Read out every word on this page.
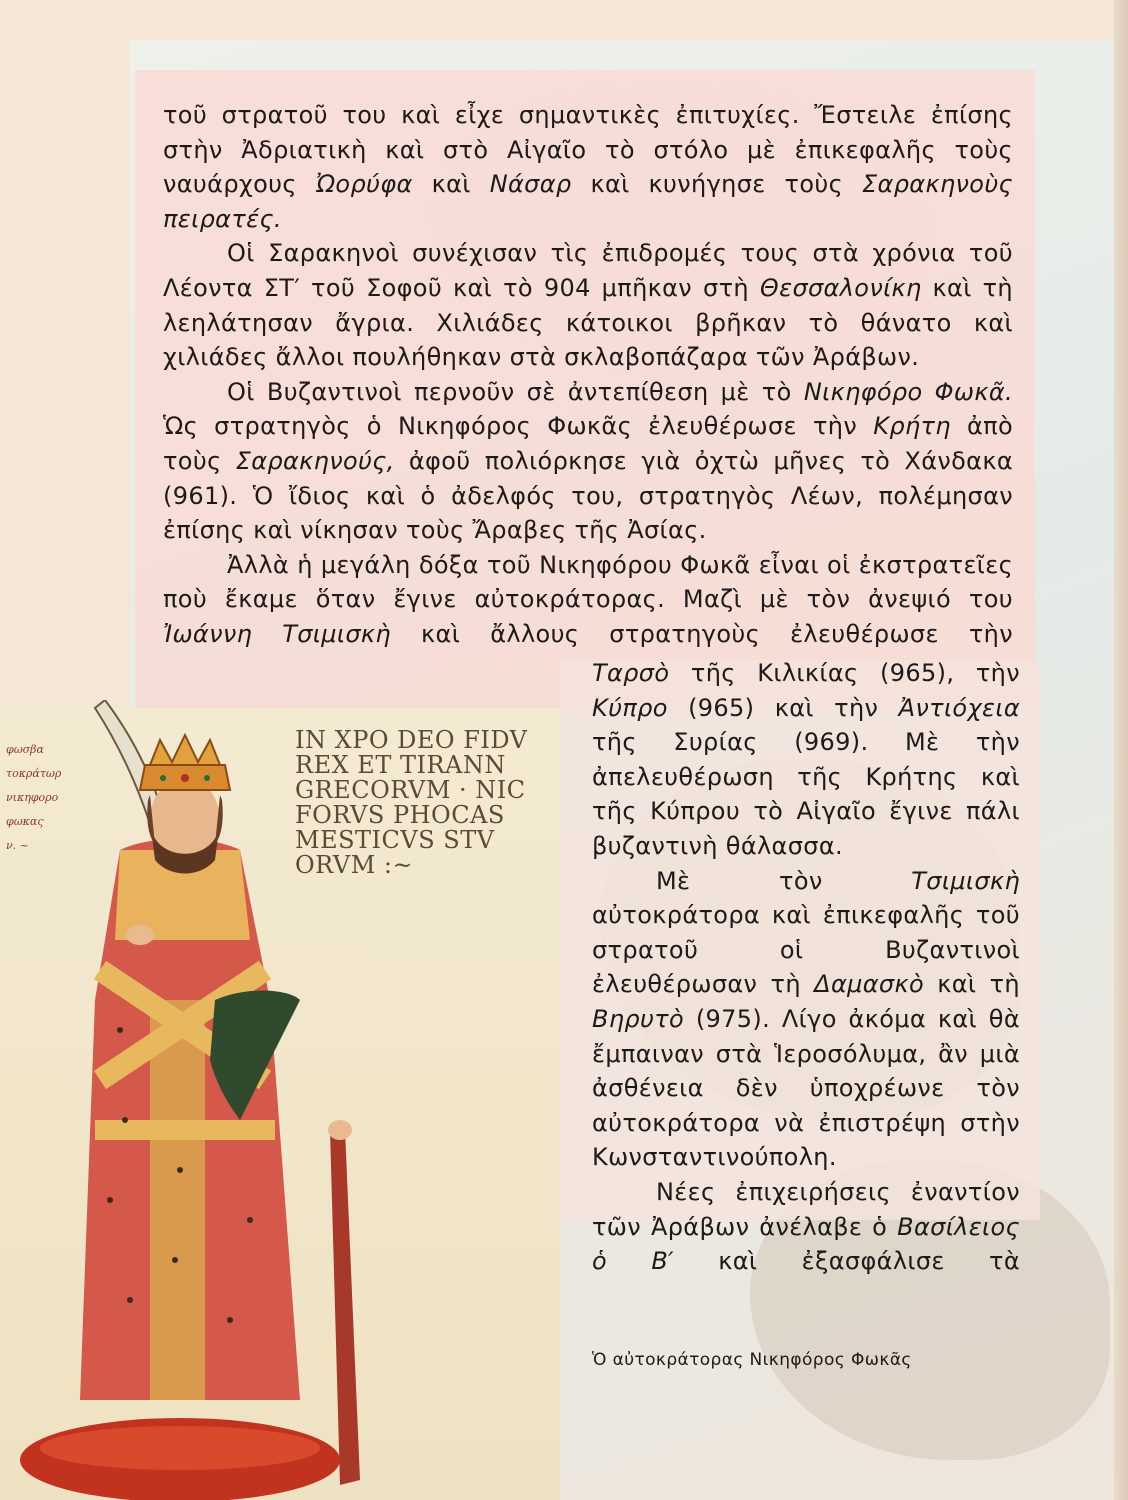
IN XPO DEO FIDV
REX ET TIRANN
GRECORVM · NIC
FORVS PHOCAS
MESTICVS STV
ORVM :~

φωσβα
τοκράτωρ
νικηφορο
φωκας
ν. ~

τοῦ στρατοῦ του καὶ εἶχε σημαντικὲς ἐπιτυχίες. Ἔστειλε ἐπίσης στὴν Ἀδριατικὴ καὶ στὸ Αἰγαῖο τὸ στόλο μὲ ἐπικεφαλῆς τοὺς ναυάρχους Ὠορύφα καὶ Νάσαρ καὶ κυνήγησε τοὺς Σαρακηνοὺς πειρατές.

Οἱ Σαρακηνοὶ συνέχισαν τὶς ἐπιδρομές τους στὰ χρόνια τοῦ Λέοντα ΣΤ′ τοῦ Σοφοῦ καὶ τὸ 904 μπῆκαν στὴ Θεσσαλονίκη καὶ τὴ λεηλάτησαν ἄγρια. Χιλιάδες κάτοικοι βρῆκαν τὸ θάνατο καὶ χιλιάδες ἄλλοι πουλήθηκαν στὰ σκλαβοπάζαρα τῶν Ἀράβων.

Οἱ Βυζαντινοὶ περνοῦν σὲ ἀντεπίθεση μὲ τὸ Νικηφόρο Φωκᾶ. Ὡς στρατηγὸς ὁ Νικηφόρος Φωκᾶς ἐλευθέρωσε τὴν Κρήτη ἀπὸ τοὺς Σαρακηνούς, ἀφοῦ πολιόρκησε γιὰ ὀχτὼ μῆνες τὸ Χάνδακα (961). Ὁ ἴδιος καὶ ὁ ἀδελφός του, στρατηγὸς Λέων, πολέμησαν ἐπίσης καὶ νίκησαν τοὺς Ἄραβες τῆς Ἀσίας.

Ἀλλὰ ἡ μεγάλη δόξα τοῦ Νικηφόρου Φωκᾶ εἶναι οἱ ἐκστρατεῖες ποὺ ἔκαμε ὅταν ἔγινε αὐτοκράτορας. Μαζὶ μὲ τὸν ἀνεψιό του Ἰωάννη Τσιμισκὴ καὶ ἄλλους στρατηγοὺς ἐλευθέρωσε τὴν

Ταρσὸ τῆς Κιλικίας (965), τὴν Κύπρο (965) καὶ τὴν Ἀντιόχεια τῆς Συρίας (969). Μὲ τὴν ἀπελευθέρωση τῆς Κρήτης καὶ τῆς Κύπρου τὸ Αἰγαῖο ἔγινε πάλι βυζαντινὴ θάλασσα.

Μὲ τὸν Τσιμισκὴ αὐτοκράτορα καὶ ἐπικεφαλῆς τοῦ στρατοῦ οἱ Βυζαντινοὶ ἐλευθέρωσαν τὴ Δαμασκὸ καὶ τὴ Βηρυτὸ (975). Λίγο ἀκόμα καὶ θὰ ἔμπαιναν στὰ Ἱεροσόλυμα, ἂν μιὰ ἀσθένεια δὲν ὑποχρέωνε τὸν αὐτοκράτορα νὰ ἐπιστρέψη στὴν Κωνσταντινούπολη.

Νέες ἐπιχειρήσεις ἐναντίον τῶν Ἀράβων ἀνέλαβε ὁ Βασίλειος ὁ Β′ καὶ ἐξασφάλισε τὰ

Ὁ αὐτοκράτορας Νικηφόρος Φωκᾶς
